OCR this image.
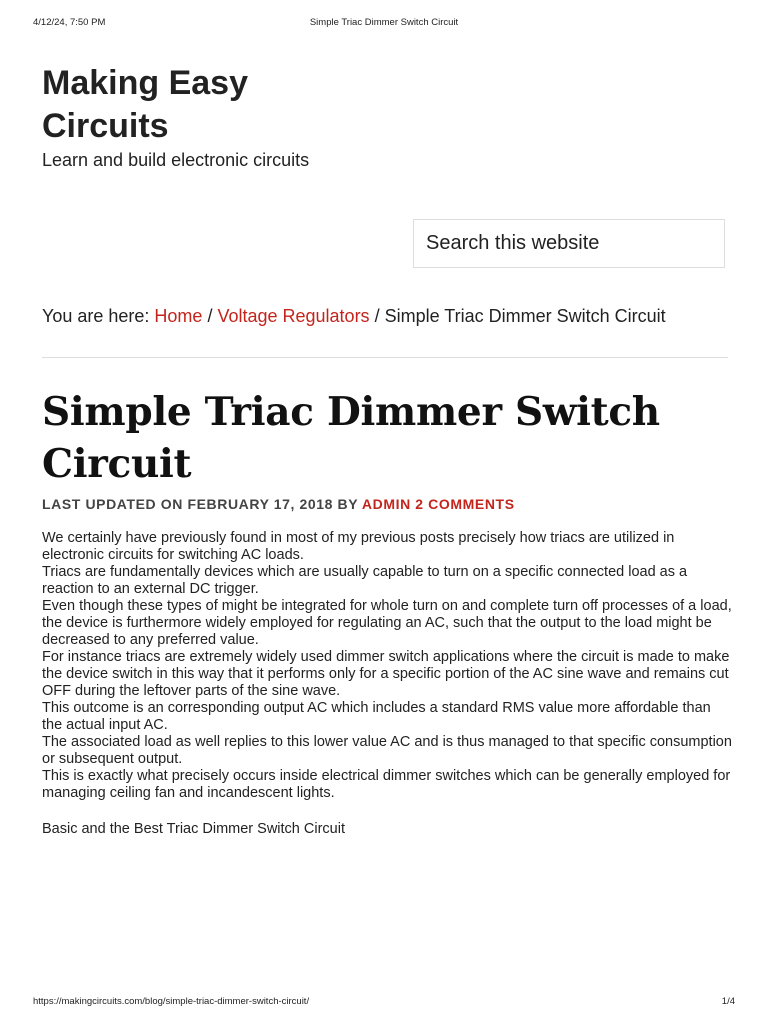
4/12/24, 7:50 PM	Simple Triac Dimmer Switch Circuit
Making Easy Circuits

Learn and build electronic circuits

Search this website
You are here: Home / Voltage Regulators / Simple Triac Dimmer Switch Circuit
Simple Triac Dimmer Switch Circuit
LAST UPDATED ON FEBRUARY 17, 2018 BY ADMIN 2 COMMENTS

We certainly have previously found in most of my previous posts precisely how triacs are utilized in electronic circuits for switching AC loads.

Triacs are fundamentally devices which are usually capable to turn on a specific connected load as a reaction to an external DC trigger.

Even though these types of might be integrated for whole turn on and complete turn off processes of a load, the device is furthermore widely employed for regulating an AC, such that the output to the load might be decreased to any preferred value.

For instance triacs are extremely widely used dimmer switch applications where the circuit is made to make the device switch in this way that it performs only for a specific portion of the AC sine wave and remains cut OFF during the leftover parts of the sine wave.

This outcome is an corresponding output AC which includes a standard RMS value more affordable than the actual input AC.

The associated load as well replies to this lower value AC and is thus managed to that specific consumption or subsequent output.

This is exactly what precisely occurs inside electrical dimmer switches which can be generally employed for managing ceiling fan and incandescent lights.

Basic and the Best Triac Dimmer Switch Circuit

https://makingcircuits.com/blog/simple-triac-dimmer-switch-circuit/	1/4
